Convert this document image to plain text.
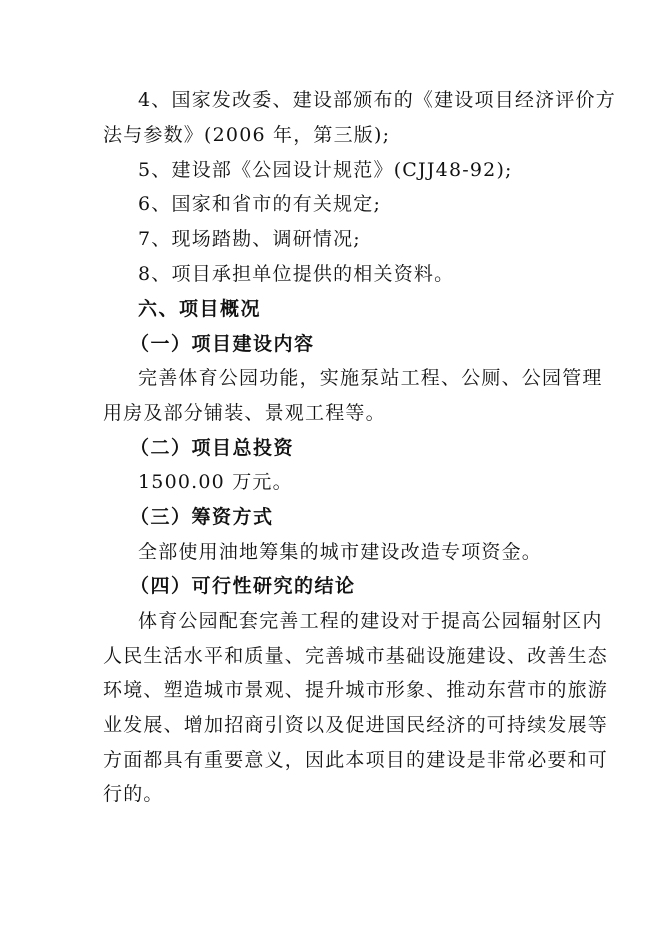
4、国家发改委、建设部颁布的《建设项目经济评价方
法与参数》(2006 年，第三版);
5、建设部《公园设计规范》(CJJ48-92);
6、国家和省市的有关规定;
7、现场踏勘、调研情况;
8、项目承担单位提供的相关资料。
六、项目概况
（一）项目建设内容
完善体育公园功能，实施泵站工程、公厕、公园管理
用房及部分铺装、景观工程等。
（二）项目总投资
1500.00 万元。
（三）筹资方式
全部使用油地筹集的城市建设改造专项资金。
（四）可行性研究的结论
体育公园配套完善工程的建设对于提高公园辐射区内
人民生活水平和质量、完善城市基础设施建设、改善生态
环境、塑造城市景观、提升城市形象、推动东营市的旅游
业发展、增加招商引资以及促进国民经济的可持续发展等
方面都具有重要意义，因此本项目的建设是非常必要和可
行的。
